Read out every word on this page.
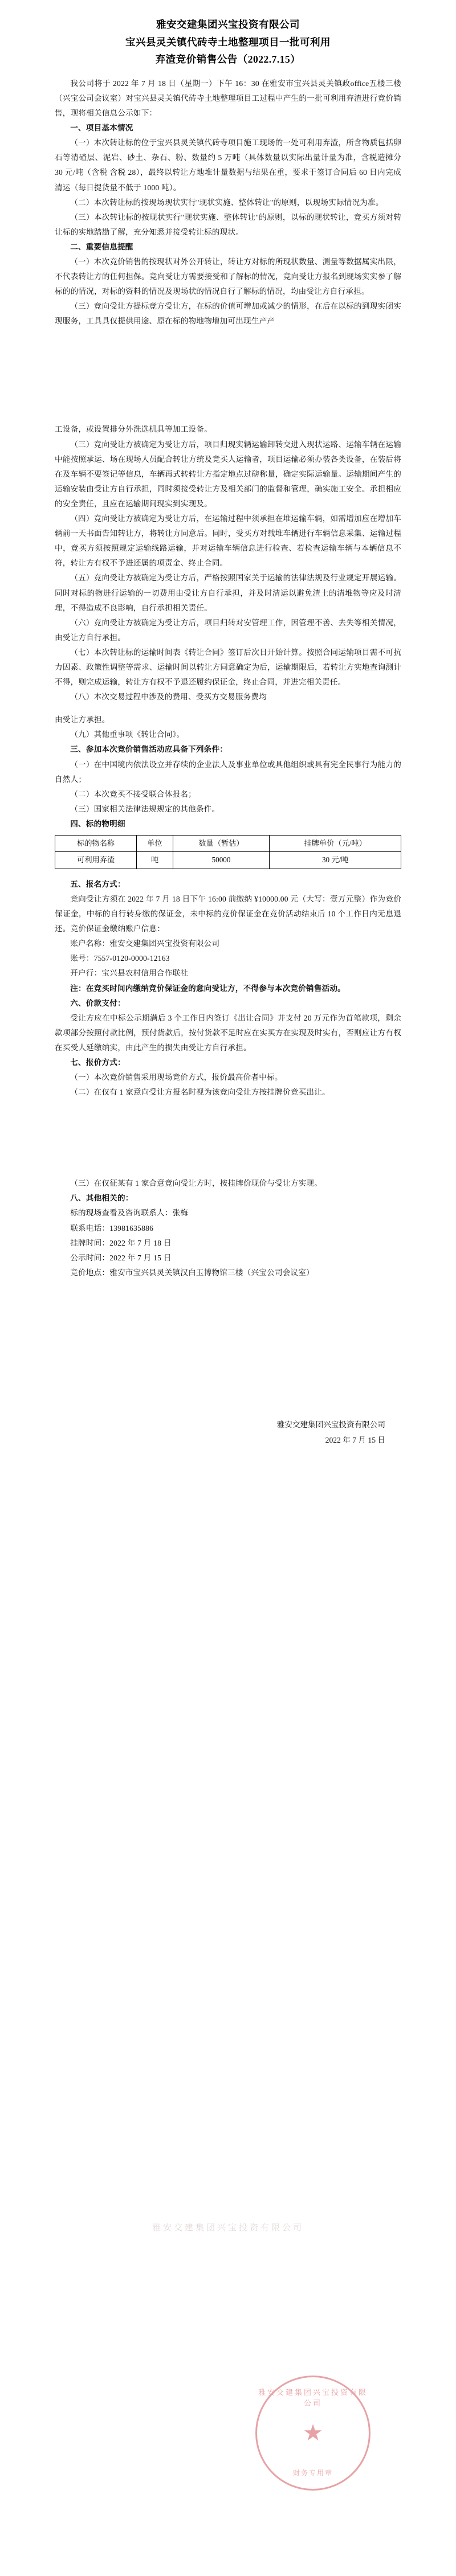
雅安交建集团兴宝投资有限公司
宝兴县灵关镇代砖寺土地整理项目一批可利用
弃渣竞价销售公告（2022.7.15）

我公司将于 2022 年 7 月 18 日（星期一）下午 16：30 在雅安市宝兴县灵关镇政office五楼三楼（兴宝公司会议室）对宝兴县灵关镇代砖寺土地整理项目工过程中产生的一批可利用弃渣进行竞价销售，现将相关信息公示如下：

一、项目基本情况

（一）本次转让标的位于宝兴县灵关镇代砖寺项目施工现场的一处可利用弃渣，所含物质包括卵石等清碴层、泥岩、砂土、杂石、粉、数量约 5 万吨（具体数量以实际出量计量为准，含税造摊分 30 元/吨（含税 含税 28），最终以转让方地堆计量数据与结果在重，要求于签订合同后 60 日内完成清运（每日提货量不低于 1000 吨）。

（二）本次转让标的按现场现状实行"现状实施、整体转让"的原则，以现场实际情况为准。

（三）本次转让标的按现状实行"现状实施、整体转让"的原则，以标的现状转让，竞买方须对转让标的实地踏勘了解，充分知悉并接受转让标的现状。

二、重要信息提醒

（一）本次竞价销售的按现状对外公开转让，转让方对标的所现状数量、测量等数据属实出限，不代表转让方的任何担保。竞向受让方需要接受和了解标的情况，竞向受让方报名到现场实实参了解标的的情况，对标的资料的情况及现场状的情况自行了解标的情况，均由受让方自行承担。

（三）竞向受让方提标竞方受让方，在标的价值可增加或减少的情形，在后在以标的到现实闭实现服务，工具具仅提供用途、原在标的物地物增加可出现生产产

工设备，或设置排分外洗选机具等加工设备。

（三）竞向受让方被确定为受让方后，项目归现实辆运输卸转交进入现状运路、运输车辆在运输中能按照承运、场在现场人员配合转让方统及竞买人运输者，项目运输必须办装各类设备，在装后将在及车辆不要签记等信息，车辆再式转转让方指定地点过磅称量，确定实际运输量。运输期间产生的运输安装由受让方自行承担，同时须接受转让方及相关部门的监督和管理，确实施工安全。承担相应的安全责任，且应在运输期间现实到实现及。

（四）竞向受让方被确定为受让方后，在运输过程中须承担在堆运输车辆，如需增加应在增加车辆前一天书面告知转让方，将转让方同意后。同时，受买方对载堆车辆进行车辆信息采集、运输过程中，竞买方须按照规定运输线路运输，并对运输车辆信息进行检查、若检查运输车辆与本辆信息不符，转让方有权不予进还属的项责金、终止合同。

（五）竞向受让方被确定为受让方后，严格按照国家关于运输的法律法规及行业规定开展运输。同时对标的物进行运输的一切费用由受让方自行承担，并及时清运以避免渣土的清堆物等应及时清理，不得造成不良影响，自行承担相关责任。

（六）竞向受让方被确定为受让方后，项目归转对安管理工作，因管理不善、去失等相关情况，由受让方自行承担。

（七）本次转让标的运输时间表《转让合同》签订后次日开始计算。按照合同运输项目需不可抗力因素、政策性调整等需求、运输时间以转让方同意确定为后，运输期限后，若转让方实地查询测计不得，则完成运输，转让方有权不予退还履约保证金，终止合同，并进完相关责任。

（八）本次交易过程中涉及的费用、受买方交易服务费均

由受让方承担。

（九）其他重事项《转让合同》。

三、参加本次竞价销售活动应具备下列条件：

（一）在中国境内依法设立并存续的企业法人及事业单位或具他组织或具有完全民事行为能力的自然人；

（二）本次竞买不接受联合体报名；

（三）国家相关法律法规规定的其他条件。

四、标的物明细

标的物名称	单位	数量（暂估）	挂牌单价（元/吨）
可利用弃渣	吨	50000	30 元/吨

五、报名方式：

竞向受让方须在 2022 年 7 月 18 日下午 16:00 前缴纳 ¥10000.00 元（大写：壹万元整）作为竞价保证金，中标的自行转身缴的保证金，未中标的竞价保证金在竞价活动结束后 10 个工作日内无息退还。竞价保证金缴纳账户信息：

账户名称：雅安交建集团兴宝投资有限公司

账号：7557-0120-0000-12163

开户行：宝兴县农村信用合作联社

注：在竞买时间内缴纳竞价保证金的意向受让方，不得参与本次竞价销售活动。

六、价款支付：

受让方应在中标公示期满后 3 个工作日内签订《出让合同》并支付 20 万元作为首笔款项，剩余款项部分按照付款比例，预付货款后，按付货款不足时应在实买方在实现及时实有，否则应让方有权在买受人延缴纳实，由此产生的损失由受让方自行承担。

七、报价方式：

（一）本次竞价销售采用现场竞价方式，报价最高价者中标。

（二）在仅有 1 家意向受让方报名时视为该竞向受让方按挂牌价竞买出让。

（三）在仅征某有 1 家合意竞向受让方时，按挂牌价现价与受让方实现。

八、其他相关的：

标的现场查看及咨询联系人：张梅

联系电话：13981635886

挂牌时间：2022 年 7 月 18 日

公示时间：2022 年 7 月 15 日

竞价地点：雅安市宝兴县灵关镇汉白玉博物馆三楼（兴宝公司会议室）

雅安交建集团兴宝投资有限公司
2022 年 7 月 15 日
雅安交建集团兴宝投资有限公司
雅安交建集团兴宝投资有限公司
★
财务专用章
